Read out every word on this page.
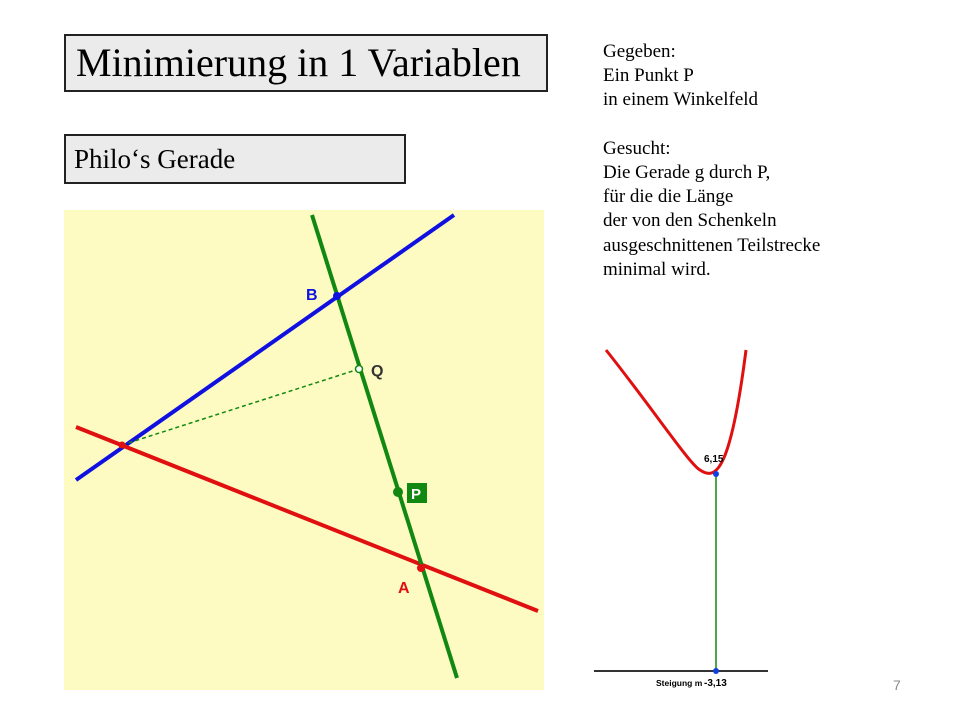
Minimierung in 1 Variablen
Philo‘s Gerade
Gegeben:
Ein Punkt P
in einem Winkelfeld
Gesucht:
Die Gerade g durch P,
für die die Länge
der von den Schenkeln
ausgeschnittenen Teilstrecke
minimal wird.
B
Q
P
A
6,15
Steigung m -3,13	7
